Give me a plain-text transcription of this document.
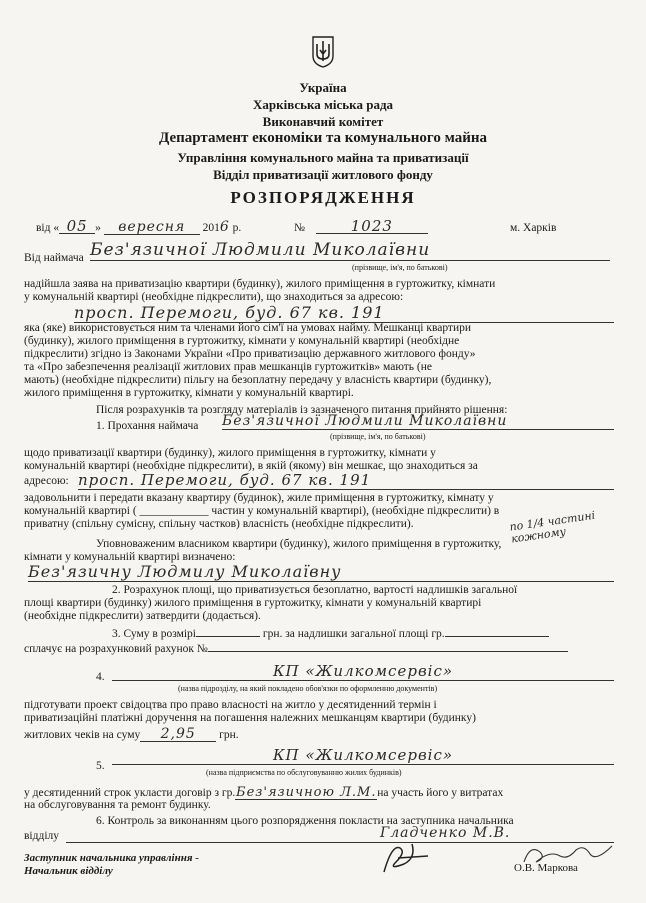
Україна
Харківська міська рада
Виконавчий комітет
Департамент економіки та комунального майна
Управління комунального майна та приватизації
Відділ приватизації житлового фонду
РОЗПОРЯДЖЕННЯ
від « 05 » вересня 2016 р.	№	1023	м. Харків
Від наймача Без'язичної Людмили Миколаївни
(прізвище, ім'я, по батькові)
надійшла заява на приватизацію квартири (будинку), жилого приміщення в гуртожитку, кімнати
у комунальній квартирі (необхідне підкреслити), що знаходиться за адресою:
просп. Перемоги, буд. 67 кв. 191
яка (яке) використовується ним та членами його сім'ї на умовах найму. Мешканці квартири
(будинку), жилого приміщення в гуртожитку, кімнати у комунальній квартирі (необхідне
підкреслити) згідно із Законами України «Про приватизацію державного житлового фонду»
та «Про забезпечення реалізації житлових прав мешканців гуртожитків» мають (не
мають) (необхідне підкреслити) пільгу на безоплатну передачу у власність квартири (будинку),
жилого приміщення в гуртожитку, кімнати у комунальній квартирі.
Після розрахунків та розгляду матеріалів із зазначеного питання прийнято рішення:
1. Прохання наймача Без'язичної Людмили Миколаївни
(прізвище, ім'я, по батькові)
щодо приватизації квартири (будинку), жилого приміщення в гуртожитку, кімнати у
комунальній квартирі (необхідне підкреслити), в якій (якому) він мешкає, що знаходиться за
адресою: просп. Перемоги, буд. 67 кв. 191
задовольнити і передати вказану квартиру (будинок), жиле приміщення в гуртожитку, кімнату у
комунальній квартирі ( ____________ частин у комунальній квартирі), (необхідне підкреслити) в
приватну (спільну сумісну, спільну частков) власність (необхідне підкреслити).	по 1/4 частині кожному
Уповноваженим власником квартири (будинку), жилого приміщення в гуртожитку,
кімнати у комунальній квартирі визначено:
Без'язичну Людмилу Миколаївну
2. Розрахунок площі, що приватизується безоплатно, вартості надлишків загальної
площі квартири (будинку) жилого приміщення в гуртожитку, кімнати у комунальній квартирі
(необхідне підкреслити) затвердити (додається).
3. Суму в розмірі	грн. за надлишки загальної площі гр.
сплачує на розрахунковий рахунок №
4.	КП «Жилкомсервіс»
(назва підрозділу, на який покладено обов'язки по оформленню документів)
підготувати проект свідоцтва про право власності на житло у десятиденний термін і
приватизаційні платіжні доручення на погашення належних мешканцям квартири (будинку)
житлових чеків на суму 2,95 грн.
5.
КП «Жилкомсервіс»
(назва підприємства по обслуговуванню жилих будинків)
у десятиденний строк укласти договір з гр.Без'язичною Л.М.на участь його у витратах
на обслуговування та ремонт будинку.
6. Контроль за виконанням цього розпорядження покласти на заступника начальника
відділу	Гладченко М.В.
Заступник начальника управління -
Начальник відділу	О.В. Маркова
